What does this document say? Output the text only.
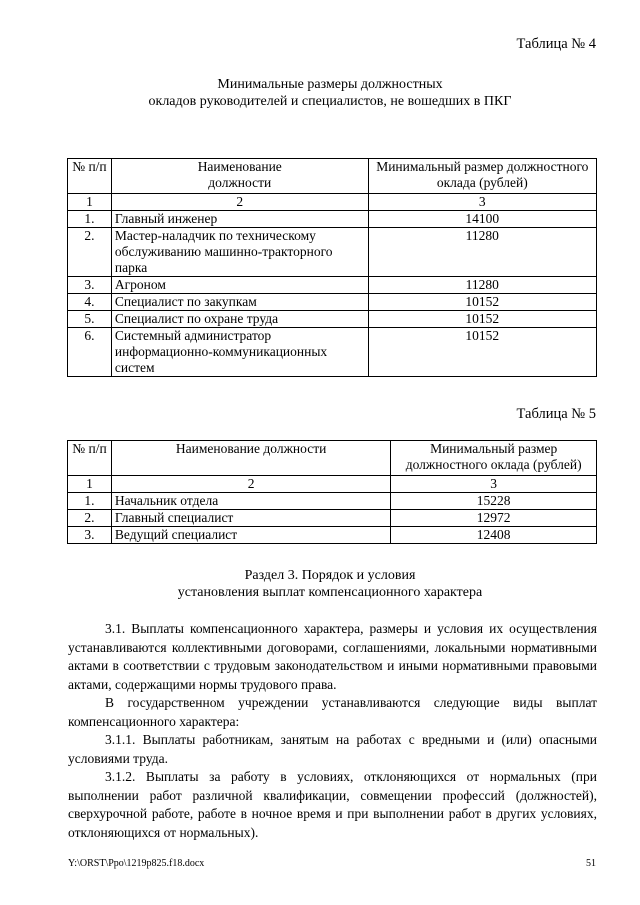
Таблица № 4
Минимальные размеры должностных
окладов руководителей и специалистов, не вошедших в ПКГ
№ п/п	Наименование должности	Минимальный размер должностного оклада (рублей)
1	2	3
1.	Главный инженер	14100
2.	Мастер-наладчик по техническому обслуживанию машинно-тракторного парка	11280
3.	Агроном	11280
4.	Специалист по закупкам	10152
5.	Специалист по охране труда	10152
6.	Системный администратор информационно-коммуникационных систем	10152
Таблица № 5
№ п/п	Наименование должности	Минимальный размер должностного оклада (рублей)
1	2	3
1.	Начальник отдела	15228
2.	Главный специалист	12972
3.	Ведущий специалист	12408
Раздел 3. Порядок и условия
установления выплат компенсационного характера
3.1. Выплаты компенсационного характера, размеры и условия их осуществления устанавливаются коллективными договорами, соглашениями, локальными нормативными актами в соответствии с трудовым законодательством и иными нормативными правовыми актами, содержащими нормы трудового права.
В государственном учреждении устанавливаются следующие виды выплат компенсационного характера:
3.1.1. Выплаты работникам, занятым на работах с вредными и (или) опасными условиями труда.
3.1.2. Выплаты за работу в условиях, отклоняющихся от нормальных (при выполнении работ различной квалификации, совмещении профессий (должностей), сверхурочной работе, работе в ночное время и при выполнении работ в других условиях, отклоняющихся от нормальных).
Y:\ORST\Ppo\1219p825.f18.docx	51
